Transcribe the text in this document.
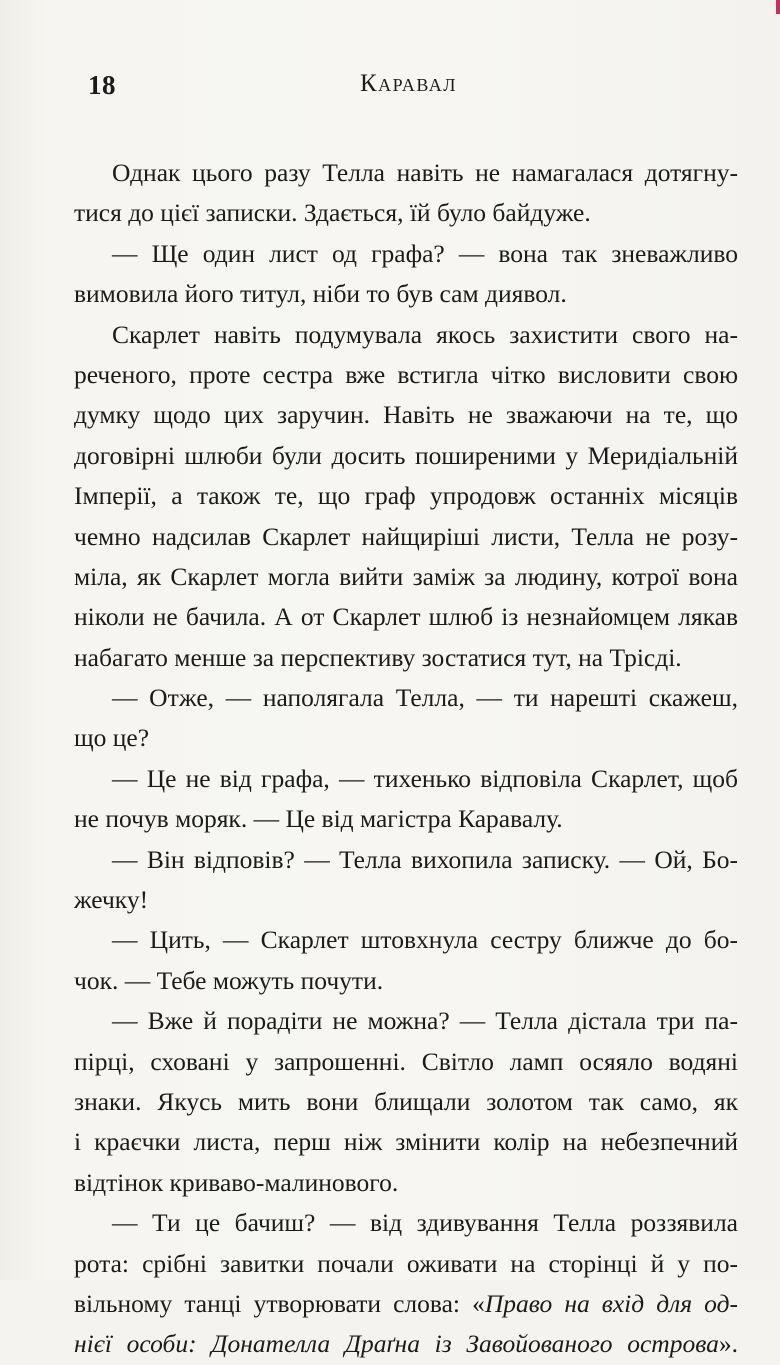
18	Каравал
Однак цього разу Телла навіть не намагалася дотягну-
тися до цієї записки. Здається, їй було байдуже.
— Ще один лист од графа? — вона так зневажливо
вимовила його титул, ніби то був сам диявол.
Скарлет навіть подумувала якось захистити свого на-
реченого, проте сестра вже встигла чітко висловити свою
думку щодо цих заручин. Навіть не зважаючи на те, що
договірні шлюби були досить поширеними у Меридіальній
Імперії, а також те, що граф упродовж останніх місяців
чемно надсилав Скарлет найщиріші листи, Телла не розу-
міла, як Скарлет могла вийти заміж за людину, котрої вона
ніколи не бачила. А от Скарлет шлюб із незнайомцем лякав
набагато менше за перспективу зостатися тут, на Трісді.
— Отже, — наполягала Телла, — ти нарешті скажеш,
що це?
— Це не від графа, — тихенько відповіла Скарлет, щоб
не почув моряк. — Це від магістра Каравалу.
— Він відповів? — Телла вихопила записку. — Ой, Бо-
жечку!
— Цить, — Скарлет штовхнула сестру ближче до бо-
чок. — Тебе можуть почути.
— Вже й порадіти не можна? — Телла дістала три па-
пірці, сховані у запрошенні. Світло ламп осяяло водяні
знаки. Якусь мить вони блищали золотом так само, як
і краєчки листа, перш ніж змінити колір на небезпечний
відтінок криваво-малинового.
— Ти це бачиш? — від здивування Телла роззявила
рота: срібні завитки почали оживати на сторінці й у по-
вільному танці утворювати слова: «Право на вхід для од-
нієї особи: Донателла Драґна із Завойованого острова».
